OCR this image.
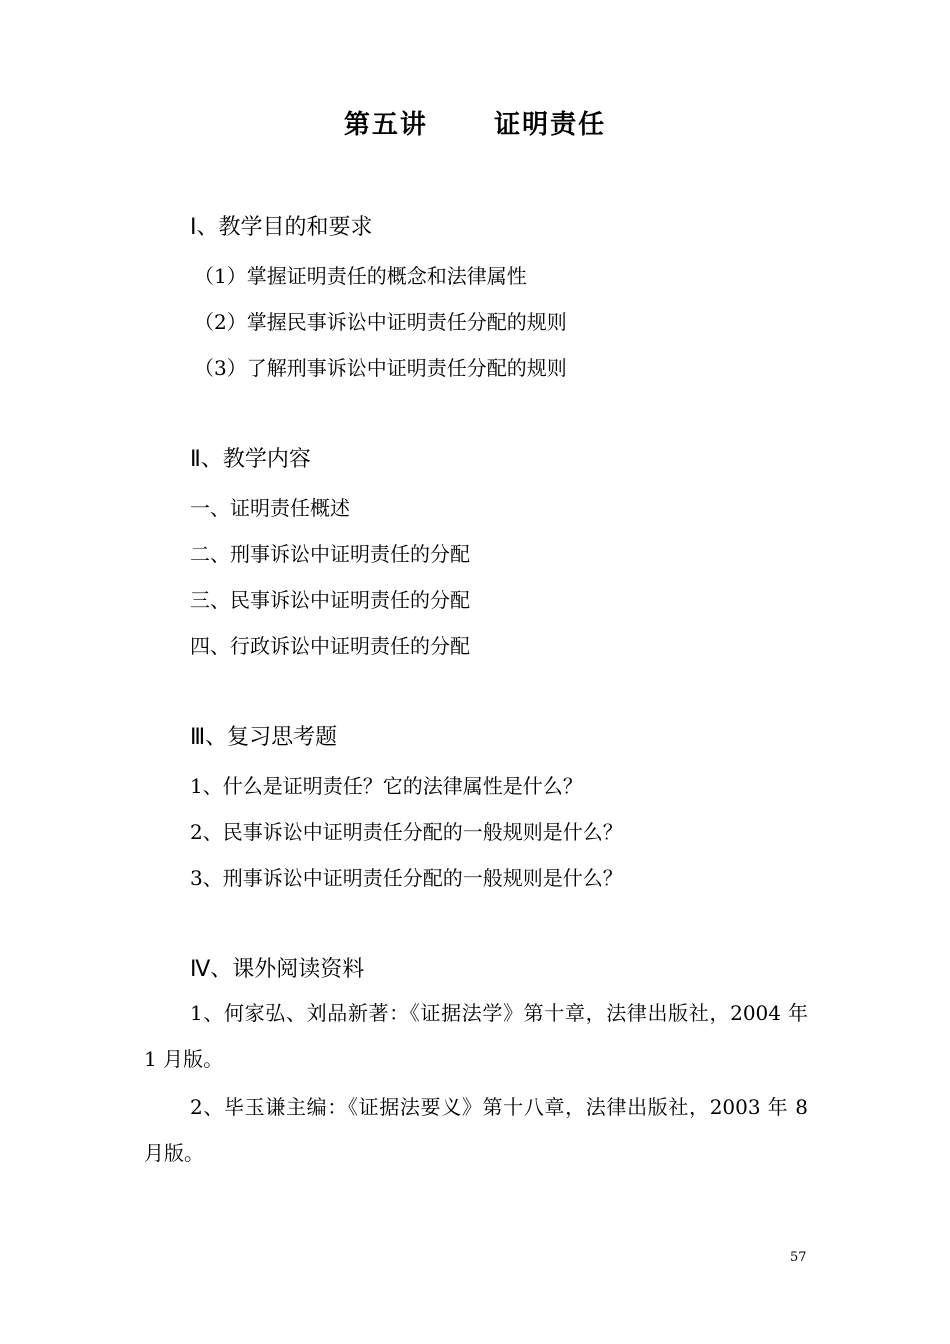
第五讲      证明责任
Ⅰ、教学目的和要求
（1）掌握证明责任的概念和法律属性
（2）掌握民事诉讼中证明责任分配的规则
（3）了解刑事诉讼中证明责任分配的规则
Ⅱ、教学内容
一、证明责任概述
二、刑事诉讼中证明责任的分配
三、民事诉讼中证明责任的分配
四、行政诉讼中证明责任的分配
Ⅲ、复习思考题
1、什么是证明责任？它的法律属性是什么？
2、民事诉讼中证明责任分配的一般规则是什么？
3、刑事诉讼中证明责任分配的一般规则是什么？
Ⅳ、课外阅读资料
1、何家弘、刘品新著：《证据法学》第十章，法律出版社，2004 年 1 月版。
2、毕玉谦主编：《证据法要义》第十八章，法律出版社，2003 年 8 月版。
57
